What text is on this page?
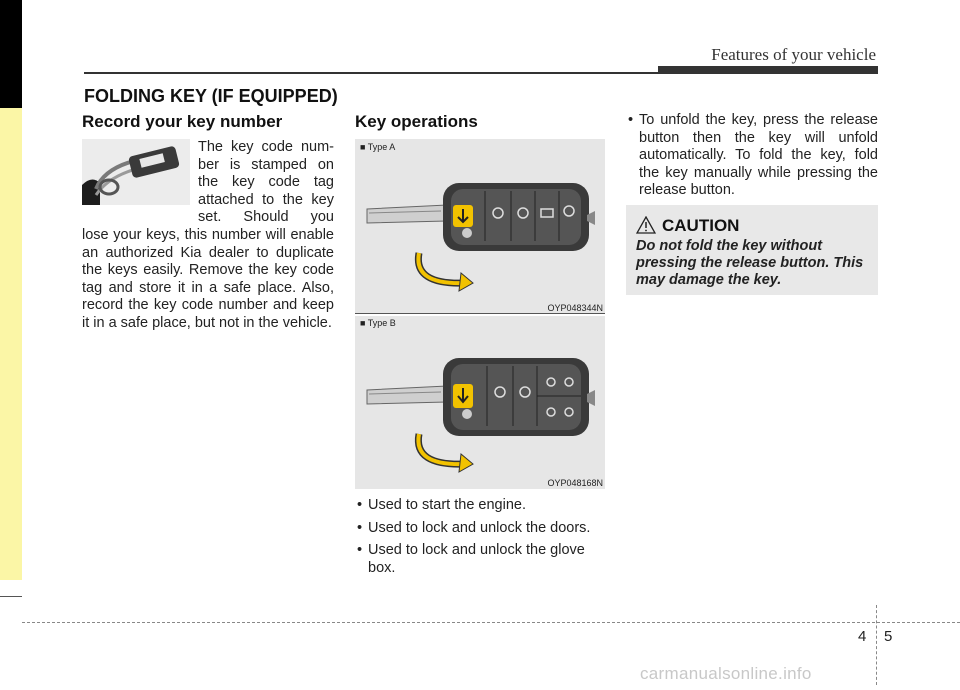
Features of your vehicle
FOLDING KEY (IF EQUIPPED)
Record your key number
The key code num-
ber is stamped on
the key code tag
attached to the key
set. Should you
lose your keys, this number will enable an authorized Kia dealer to duplicate the keys easily. Remove the key code tag and store it in a safe place. Also, record the key code number and keep it in a safe place, but not in the vehicle.
Key operations
■ Type A
OYP048344N
■ Type B
OYP048168N
• Used to start the engine.
• Used to lock and unlock the doors.
• Used to lock and unlock the glove box.
• To unfold the key, press the release button then the key will unfold automatically. To fold the key, fold the key manually while pressing the release button.
CAUTION
Do not fold the key without pressing the release button. This may damage the key.
4 5
carmanualsonline.info
